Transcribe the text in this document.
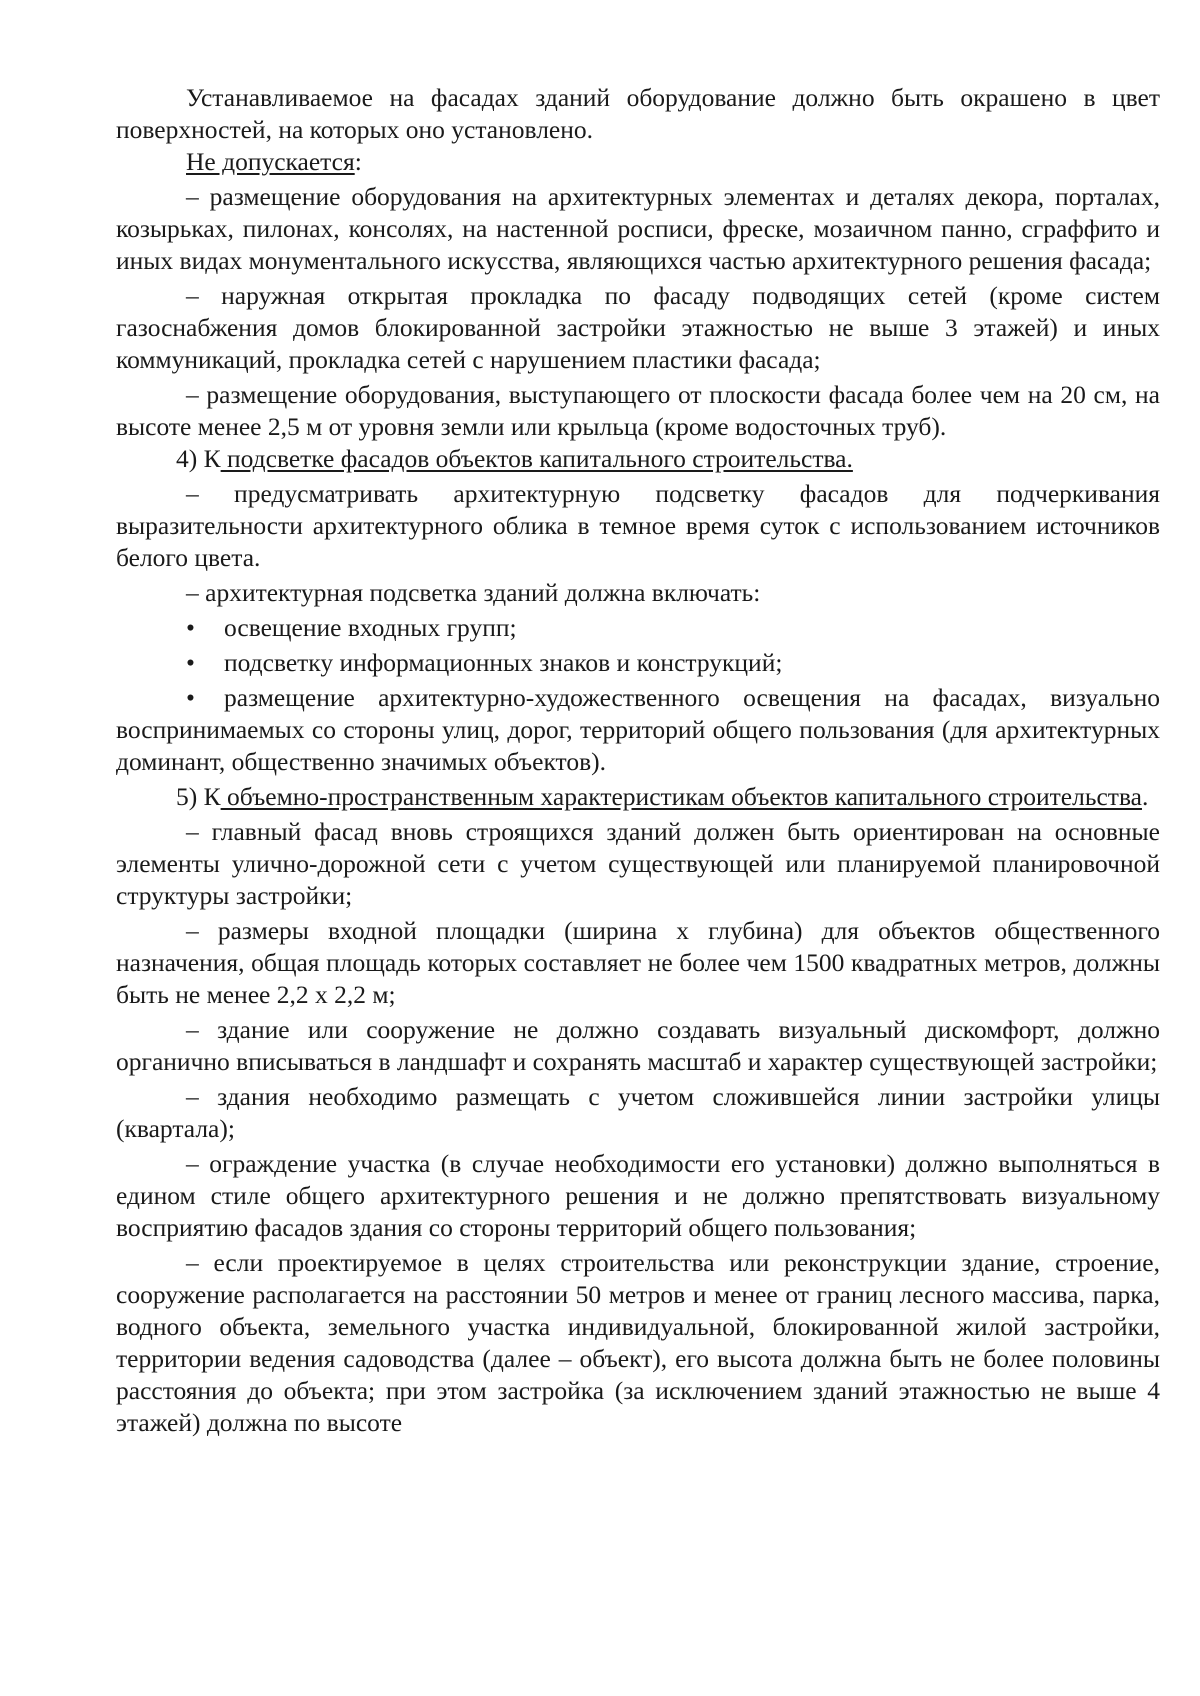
Устанавливаемое на фасадах зданий оборудование должно быть окрашено в цвет поверхностей, на которых оно установлено.

Не допускается:

– размещение оборудования на архитектурных элементах и деталях декора, порталах, козырьках, пилонах, консолях, на настенной росписи, фреске, мозаичном панно, сграффито и иных видах монументального искусства, являющихся частью архитектурного решения фасада;

– наружная открытая прокладка по фасаду подводящих сетей (кроме систем газоснабжения домов блокированной застройки этажностью не выше 3 этажей) и иных коммуникаций, прокладка сетей с нарушением пластики фасада;

– размещение оборудования, выступающего от плоскости фасада более чем на 20 см, на высоте менее 2,5 м от уровня земли или крыльца (кроме водосточных труб).

4) К подсветке фасадов объектов капитального строительства.

– предусматривать архитектурную подсветку фасадов для подчеркивания выразительности архитектурного облика в темное время суток с использованием источников белого цвета.

– архитектурная подсветка зданий должна включать:

• освещение входных групп;

• подсветку информационных знаков и конструкций;

• размещение архитектурно-художественного освещения на фасадах, визуально воспринимаемых со стороны улиц, дорог, территорий общего пользования (для архитектурных доминант, общественно значимых объектов).

5) К объемно-пространственным характеристикам объектов капитального строительства.

– главный фасад вновь строящихся зданий должен быть ориентирован на основные элементы улично-дорожной сети с учетом существующей или планируемой планировочной структуры застройки;

– размеры входной площадки (ширина х глубина) для объектов общественного назначения, общая площадь которых составляет не более чем 1500 квадратных метров, должны быть не менее 2,2 х 2,2 м;

– здание или сооружение не должно создавать визуальный дискомфорт, должно органично вписываться в ландшафт и сохранять масштаб и характер существующей застройки;

– здания необходимо размещать с учетом сложившейся линии застройки улицы (квартала);

– ограждение участка (в случае необходимости его установки) должно выполняться в едином стиле общего архитектурного решения и не должно препятствовать визуальному восприятию фасадов здания со стороны территорий общего пользования;

– если проектируемое в целях строительства или реконструкции здание, строение, сооружение располагается на расстоянии 50 метров и менее от границ лесного массива, парка, водного объекта, земельного участка индивидуальной, блокированной жилой застройки, территории ведения садоводства (далее – объект), его высота должна быть не более половины расстояния до объекта; при этом застройка (за исключением зданий этажностью не выше 4 этажей) должна по высоте
